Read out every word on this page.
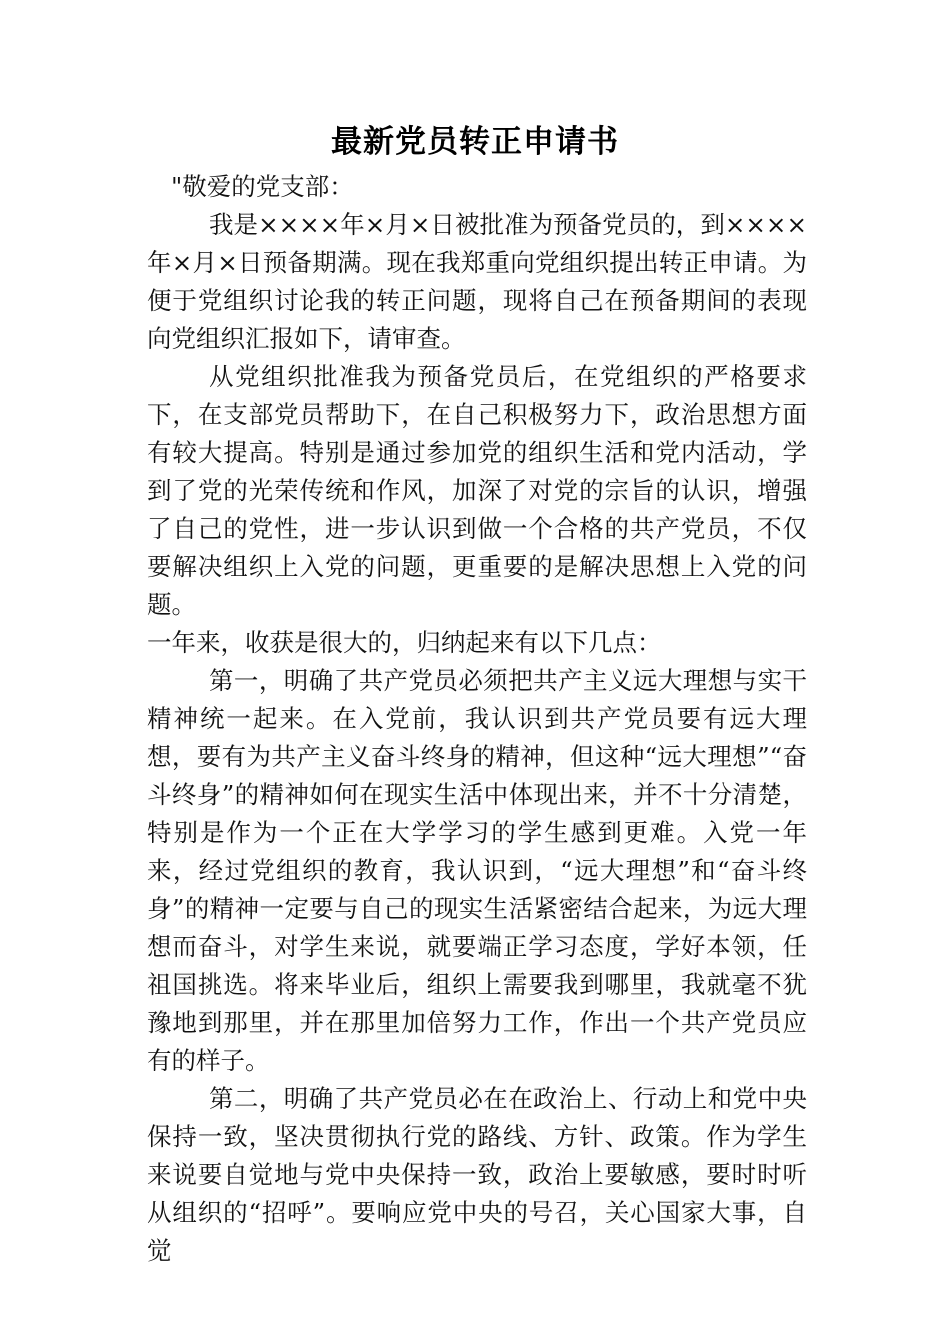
最新党员转正申请书

"敬爱的党支部：

我是××××年×月×日被批准为预备党员的，到××××年×月×日预备期满。现在我郑重向党组织提出转正申请。为便于党组织讨论我的转正问题，现将自己在预备期间的表现向党组织汇报如下，请审查。

从党组织批准我为预备党员后，在党组织的严格要求下，在支部党员帮助下，在自己积极努力下，政治思想方面有较大提高。特别是通过参加党的组织生活和党内活动，学到了党的光荣传统和作风，加深了对党的宗旨的认识，增强了自己的党性，进一步认识到做一个合格的共产党员，不仅要解决组织上入党的问题，更重要的是解决思想上入党的问题。

一年来，收获是很大的，归纳起来有以下几点：

第一，明确了共产党员必须把共产主义远大理想与实干精神统一起来。在入党前，我认识到共产党员要有远大理想，要有为共产主义奋斗终身的精神，但这种“远大理想”“奋斗终身”的精神如何在现实生活中体现出来，并不十分清楚，特别是作为一个正在大学学习的学生感到更难。入党一年来，经过党组织的教育，我认识到，“远大理想”和“奋斗终身”的精神一定要与自己的现实生活紧密结合起来，为远大理想而奋斗，对学生来说，就要端正学习态度，学好本领，任祖国挑选。将来毕业后，组织上需要我到哪里，我就毫不犹豫地到那里，并在那里加倍努力工作，作出一个共产党员应有的样子。

第二，明确了共产党员必在在政治上、行动上和党中央保持一致，坚决贯彻执行党的路线、方针、政策。作为学生来说要自觉地与党中央保持一致，政治上要敏感，要时时听从组织的“招呼”。要响应党中央的号召，关心国家大事，自觉
